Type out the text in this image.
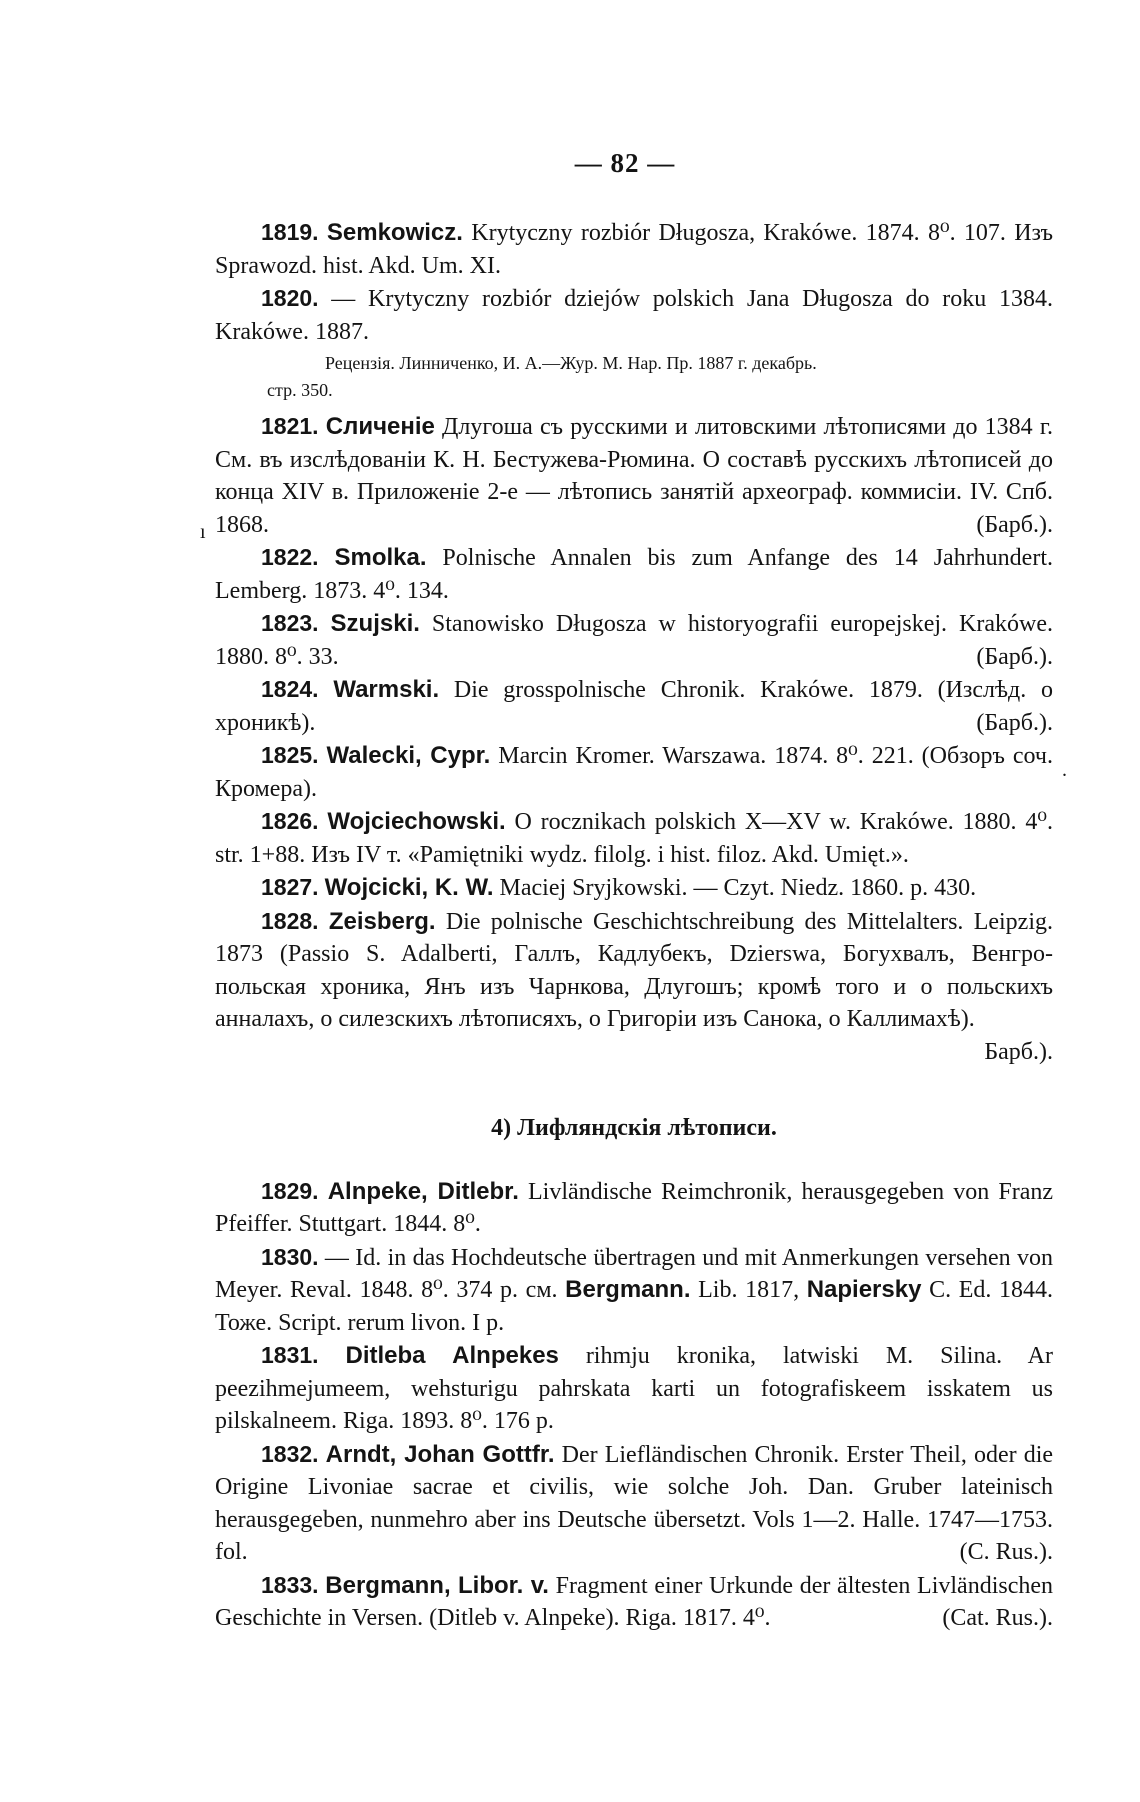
— 82 —
ı
.

1819. Semkowicz. Krytyczny rozbiór Długosza, Krakówe. 1874. 8⁰. 107. Изъ Sprawozd. hist. Akd. Um. XI.

1820. — Krytyczny rozbiór dziejów polskich Jana Długosza do roku 1384. Krakówe. 1887.

Рецензія. Линниченко, И. А.—Жур. М. Нар. Пр. 1887 г. декабрь.
стр. 350.

1821. Сличеніе Длугоша съ русскими и литовскими лѣтописями до 1384 г. См. въ изслѣдованіи К. Н. Бестужева-Рюмина. О составѣ русскихъ лѣтописей до конца XIV в. Приложеніе 2-е — лѣтопись занятій археограф. коммисіи. IV. Спб. 1868.	(Барб.).

1822. Smolka. Polnische Annalen bis zum Anfange des 14 Jahrhundert. Lemberg. 1873. 4⁰. 134.

1823. Szujski. Stanowisko Długosza w historyografii europejskej. Krakówe. 1880. 8⁰. 33.	(Барб.).

1824. Warmski. Die grosspolnische Chronik. Krakówe. 1879. (Изслѣд. о хроникѣ).	(Барб.).

1825. Walecki, Cypr. Marcin Kromer. Warszawa. 1874. 8⁰. 221. (Обзоръ соч. Кромера).

1826. Wojciechowski. O rocznikach polskich X—XV w. Krakówe. 1880. 4⁰. str. 1+88. Изъ IV т. «Pamiętniki wydz. filolg. i hist. filoz. Akd. Umięt.».

1827. Wojcicki, K. W. Maciej Sryjkowski. — Czyt. Niedz. 1860. p. 430.

1828. Zeisberg. Die polnische Geschichtschreibung des Mittelalters. Leipzig. 1873 (Passio S. Adalberti, Галлъ, Кадлубекъ, Dzierswa, Богухвалъ, Венгро-польская хроника, Янъ изъ Чарнкова, Длугошъ; кромѣ того и о польскихъ анналахъ, о силезскихъ лѣтописяхъ, о Григоріи изъ Санока, о Каллимахѣ).
Барб.).

4) Лифляндскія лѣтописи.

1829. Alnpeke, Ditlebr. Livländische Reimchronik, herausgegeben von Franz Pfeiffer. Stuttgart. 1844. 8⁰.

1830. — Id. in das Hochdeutsche übertragen und mit Anmerkungen versehen von Meyer. Reval. 1848. 8⁰. 374 p. см. Bergmann. Lib. 1817, Napiersky C. Ed. 1844. Тоже. Script. rerum livon. I p.

1831. Ditleba Alnpekes rihmju kronika, latwiski M. Silina. Ar peezihmejumeem, wehsturigu pahrskata karti un fotografiskeem isskatem us pilskalneem. Riga. 1893. 8⁰. 176 p.

1832. Arndt, Johan Gottfr. Der Liefländischen Chronik. Erster Theil, oder die Origine Livoniae sacrae et civilis, wie solche Joh. Dan. Gruber lateinisch herausgegeben, nunmehro aber ins Deutsche übersetzt. Vols 1—2. Halle. 1747—1753. fol.	(C. Rus.).

1833. Bergmann, Libor. v. Fragment einer Urkunde der ältesten Livländischen Geschichte in Versen. (Ditleb v. Alnpeke). Riga. 1817. 4⁰.	(Cat. Rus.).
